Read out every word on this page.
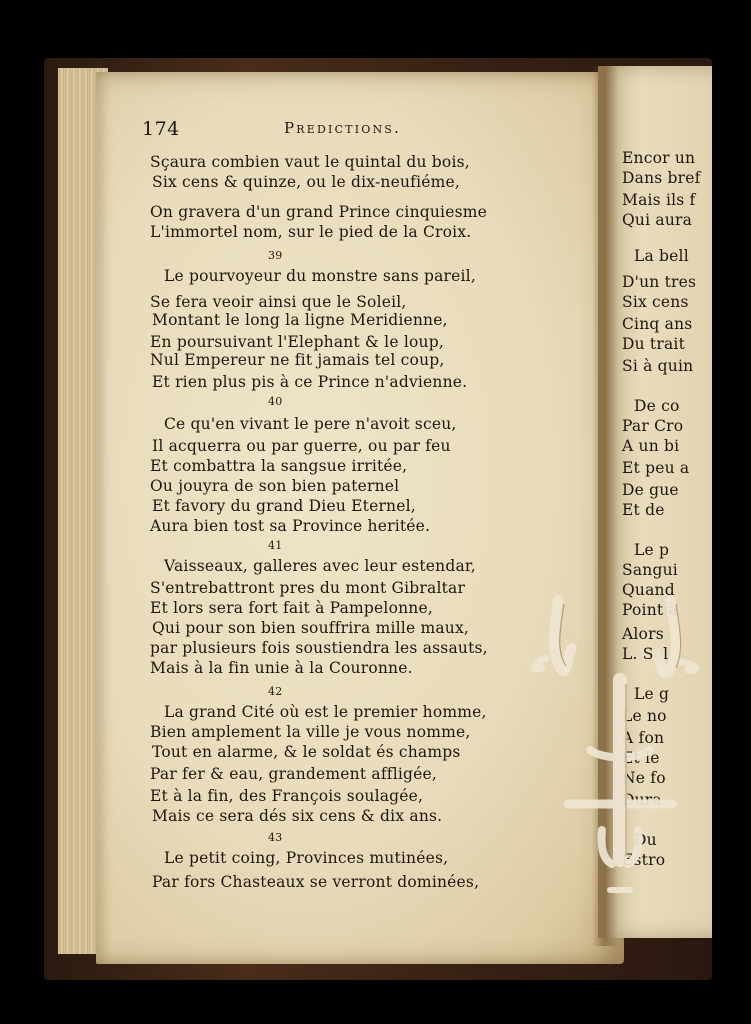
174	Predictions.
Sçaura combien vaut le quintal du bois,
Six cens & quinze, ou le dix-neufiéme,
On gravera d'un grand Prince cinquiesme
L'immortel nom, sur le pied de la Croix.
39
Le pourvoyeur du monstre sans pareil,
Se fera veoir ainsi que le Soleil,
Montant le long la ligne Meridienne,
En poursuivant l'Elephant & le loup,
Nul Empereur ne fit jamais tel coup,
Et rien plus pis à ce Prince n'advienne.
40
Ce qu'en vivant le pere n'avoit sceu,
Il acquerra ou par guerre, ou par feu
Et combattra la sangsue irritée,
Ou jouyra de son bien paternel
Et favory du grand Dieu Eternel,
Aura bien tost sa Province heritée.
41
Vaisseaux, galleres avec leur estendar,
S'entrebattront pres du mont Gibraltar
Et lors sera fort fait à Pampelonne,
Qui pour son bien souffrira mille maux,
par plusieurs fois soustiendra les assauts,
Mais à la fin unie à la Couronne.
42
La grand Cité où est le premier homme,
Bien amplement la ville je vous nomme,
Tout en alarme, & le soldat és champs
Par fer & eau, grandement affligée,
Et à la fin, des François soulagée,
Mais ce sera dés six cens & dix ans.
43
Le petit coing, Provinces mutinées,
Par fors Chasteaux se verront dominées,
Encor un
Dans bref
Mais ils f
Qui aura
La bell
D'un tres
Six cens
Cinq ans
Du trait
Si à quin
De co
Par Cro
A un bi
Et peu a
De gue
Et de
Le p
Sangui
Quand
Point à
Alors
L. Sol
Le g
Le no
A fon
Et le
Ne fo
Dura
Du
Estro
